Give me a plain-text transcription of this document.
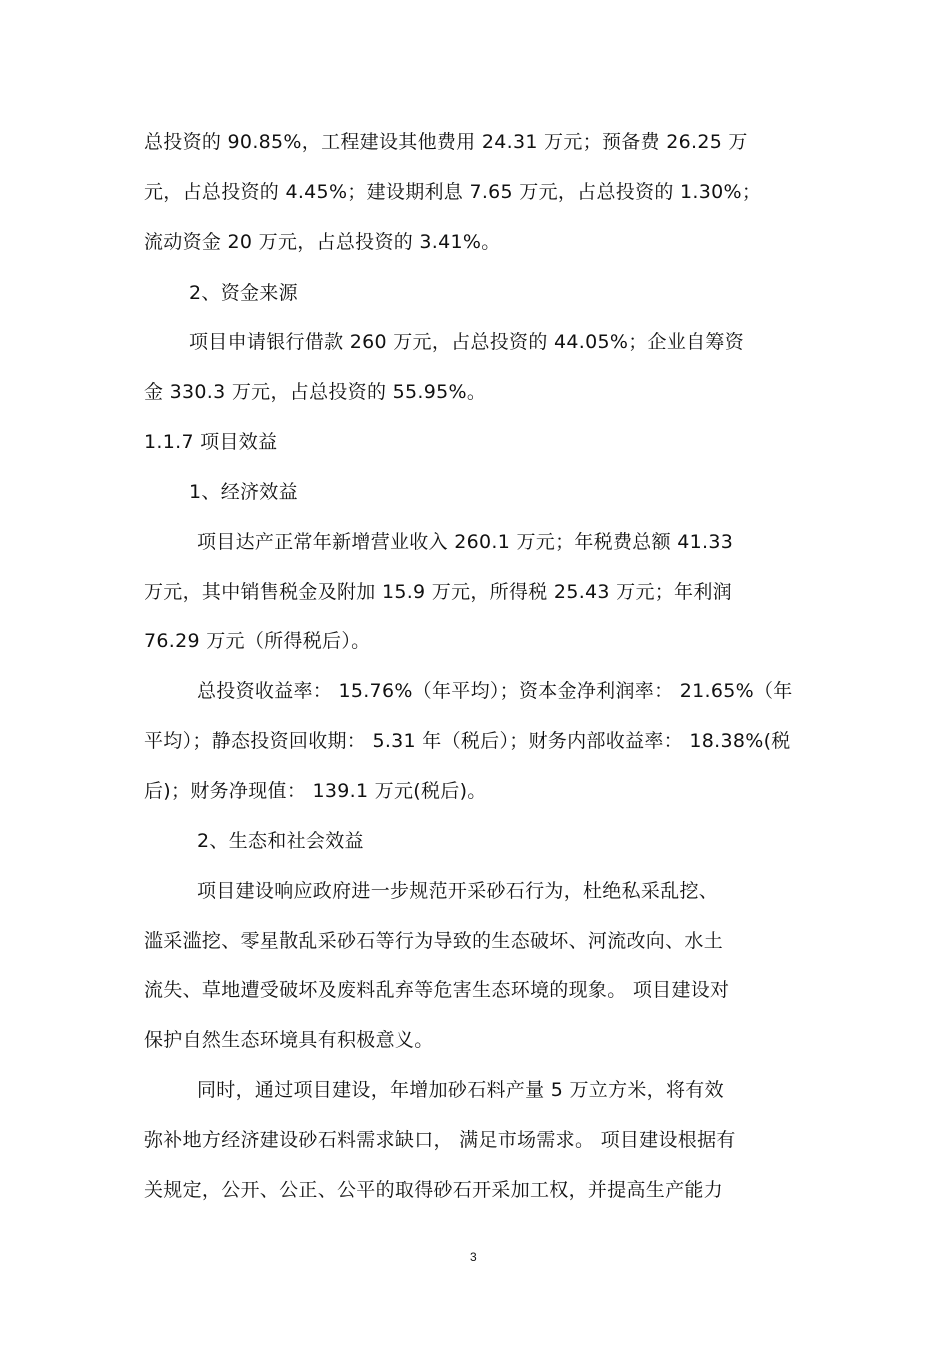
总投资的 90.85%，工程建设其他费用 24.31 万元；预备费 26.25 万
元，占总投资的 4.45%；建设期利息 7.65 万元，占总投资的 1.30%；
流动资金 20 万元，占总投资的 3.41%。
2、资金来源
项目申请银行借款 260 万元，占总投资的 44.05%；企业自筹资
金 330.3 万元，占总投资的 55.95%。
1.1.7 项目效益
1、经济效益
项目达产正常年新增营业收入 260.1 万元；年税费总额 41.33
万元，其中销售税金及附加 15.9 万元，所得税 25.43 万元；年利润
76.29 万元（所得税后）。
总投资收益率： 15.76%（年平均）；资本金净利润率： 21.65%（年
平均）；静态投资回收期： 5.31 年（税后）；财务内部收益率： 18.38%(税
后)；财务净现值： 139.1 万元(税后)。
2、生态和社会效益
项目建设响应政府进一步规范开采砂石行为，杜绝私采乱挖、
滥采滥挖、零星散乱采砂石等行为导致的生态破坏、河流改向、水土
流失、草地遭受破坏及废料乱弃等危害生态环境的现象。 项目建设对
保护自然生态环境具有积极意义。
同时，通过项目建设，年增加砂石料产量 5 万立方米，将有效
弥补地方经济建设砂石料需求缺口， 满足市场需求。 项目建设根据有
关规定，公开、公正、公平的取得砂石开采加工权，并提高生产能力
3
